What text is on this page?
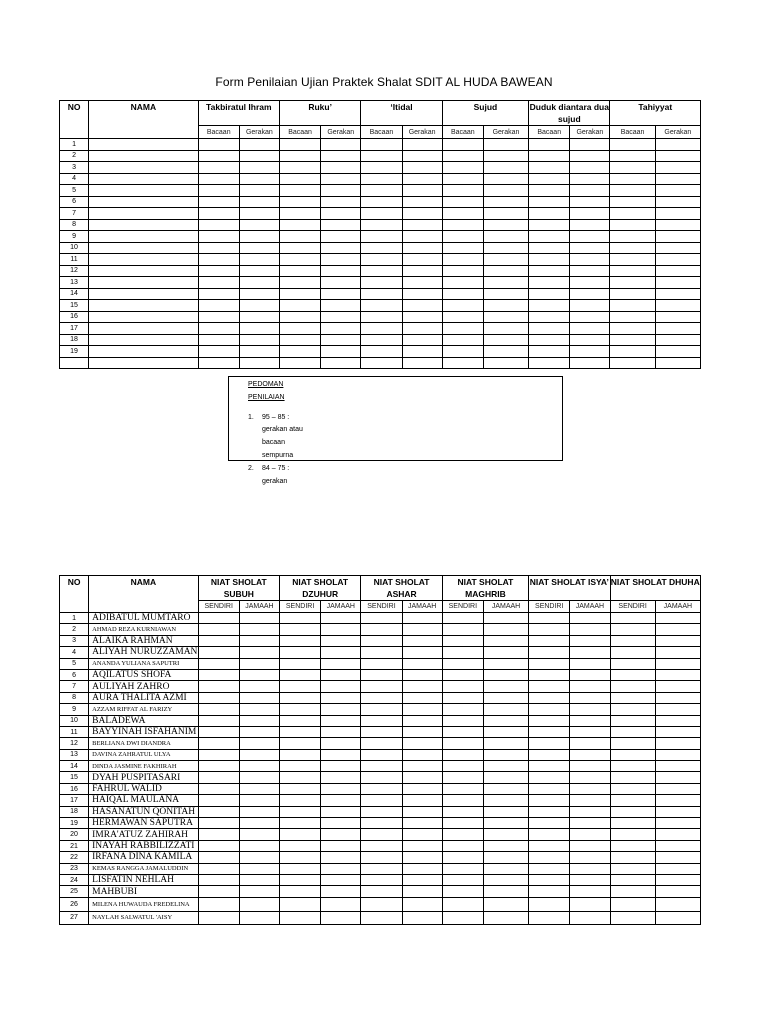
Form Penilaian Ujian Praktek Shalat SDIT AL HUDA BAWEAN
NO	NAMA	Takbiratul Ihram		Ruku’		‘Itidal		Sujud		Duduk diantara dua sujud		Tahiyyat	
		Bacaan	Gerakan	Bacaan	Gerakan	Bacaan	Gerakan	Bacaan	Gerakan	Bacaan	Gerakan	Bacaan	Gerakan
1													
2													
3													
4													
5													
6													
7													
8													
9													
10													
11													
12													
13													
14													
15													
16													
17													
18													
19													

PEDOMAN PENILAIAN
1. 95 – 85 : gerakan atau bacaan sempurna
2. 84 – 75 : gerakan
NO	NAMA	NIAT SHOLAT SUBUH		NIAT SHOLAT DZUHUR		NIAT SHOLAT ASHAR		NIAT SHOLAT MAGHRIB		NIAT SHOLAT ISYA’		NIAT SHOLAT DHUHA	
		SENDIRI	JAMAAH	SENDIRI	JAMAAH	SENDIRI	JAMAAH	SENDIRI	JAMAAH	SENDIRI	JAMAAH	SENDIRI	JAMAAH
1	ADIBATUL MUMTARO												
2	AHMAD REZA KURNIAWAN												
3	ALAIKA RAHMAN												
4	ALIYAH NURUZZAMAN												
5	ANANDA YULIANA SAPUTRI												
6	AQILATUS SHOFA												
7	AULIYAH ZAHRO												
8	AURA THALITA AZMI												
9	AZZAM RIFFAT AL FARIZY												
10	BALADEWA												
11	BAYYINAH ISFAHANIM												
12	BERLIANA DWI DIANDRA												
13	DAVINA ZAHRATUL ULYA												
14	DINDA JASMINE FAKHIRAH												
15	DYAH PUSPITASARI												
16	FAHRUL WALID												
17	HAIQAL MAULANA												
18	HASANATUN QONITAH												
19	HERMAWAN SAPUTRA												
20	IMRA'ATUZ ZAHIRAH												
21	INAYAH RABBILIZZATI												
22	IRFANA DINA KAMILA												
23	KEMAS RANGGA JAMALUDDIN												
24	LISFATIN NEHLAH												
25	MAHBUBI												
26	MILENA HUWAUDA FREDELINA												
27	NAYLAH SALWATUL 'AISY												
